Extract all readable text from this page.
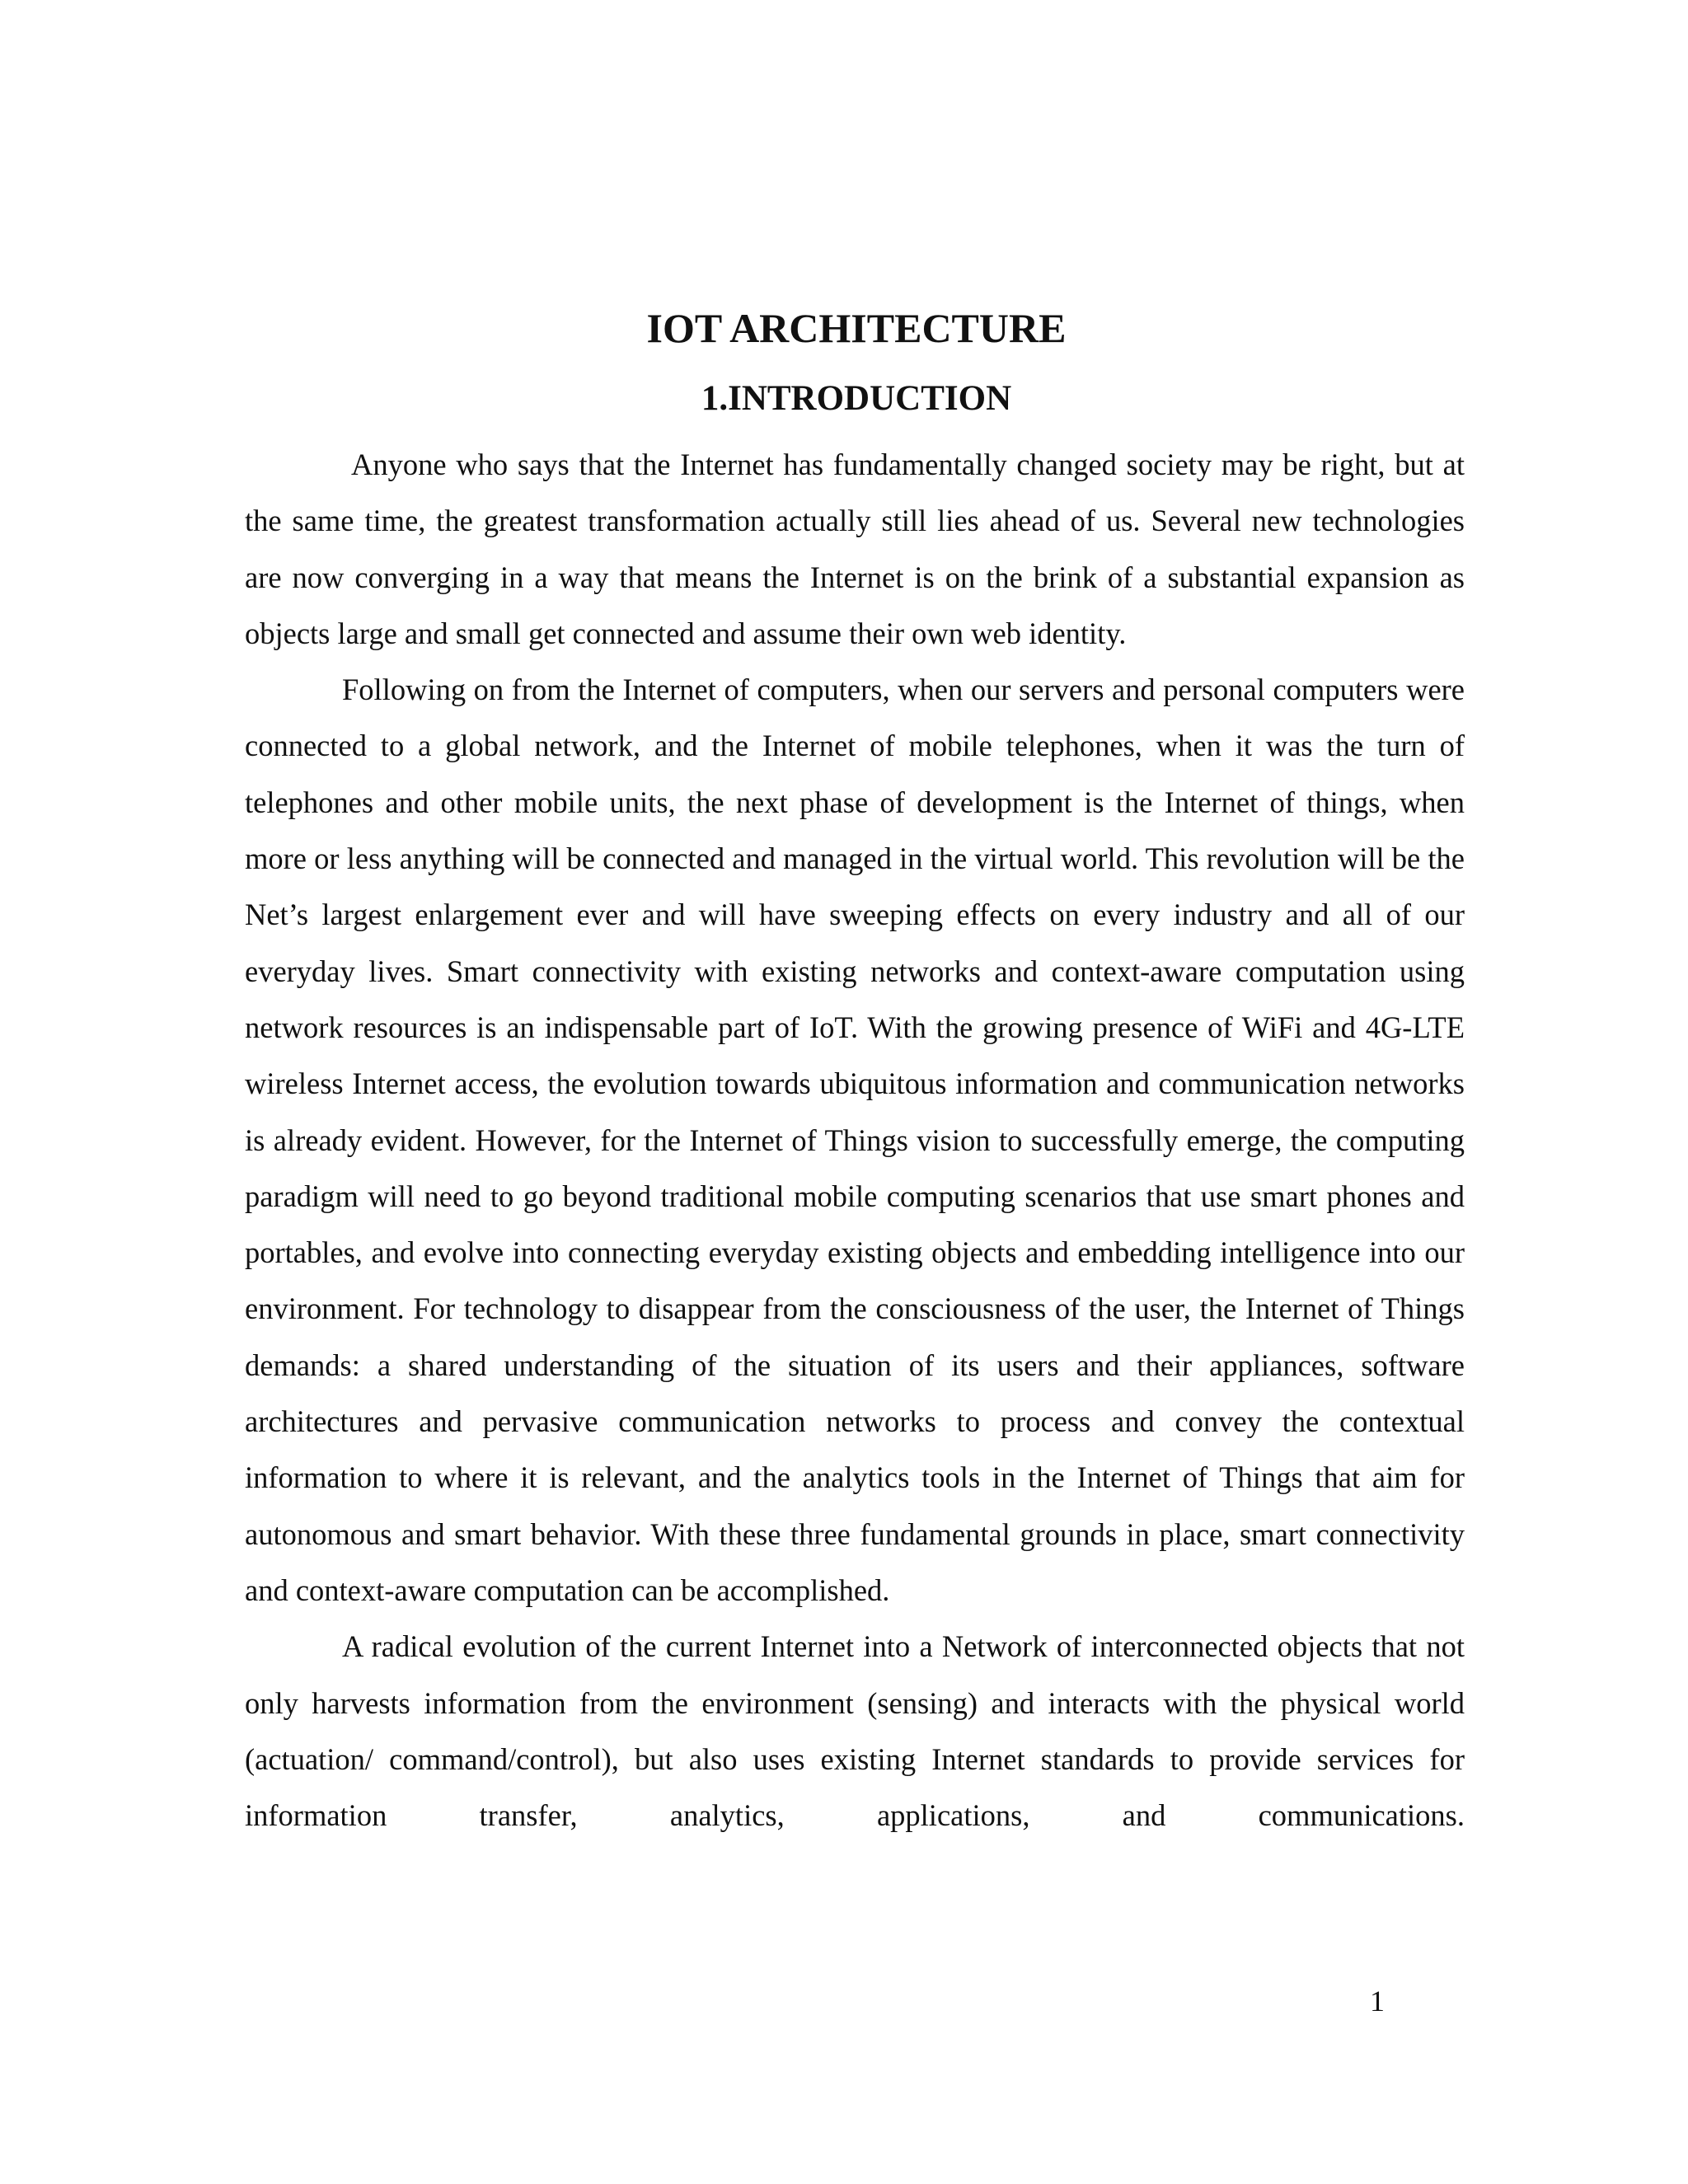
IOT ARCHITECTURE
1.INTRODUCTION

Anyone who says that the Internet has fundamentally changed society may be right, but at the same time, the greatest transformation actually still lies ahead of us. Several new technologies are now converging in a way that means the Internet is on the brink of a substantial expansion as objects large and small get connected and assume their own web identity.

Following on from the Internet of computers, when our servers and personal computers were connected to a global network, and the Internet of mobile telephones, when it was the turn of telephones and other mobile units, the next phase of development is the Internet of things, when more or less anything will be connected and managed in the virtual world. This revolution will be the Net’s largest enlargement ever and will have sweeping effects on every industry and all of our everyday lives. Smart connectivity with existing networks and context-aware computation using network resources is an indispensable part of IoT. With the growing presence of WiFi and 4G-LTE wireless Internet access, the evolution towards ubiquitous information and communication networks is already evident. However, for the Internet of Things vision to successfully emerge, the computing paradigm will need to go beyond traditional mobile computing scenarios that use smart phones and portables, and evolve into connecting everyday existing objects and embedding intelligence into our environment. For technology to disappear from the consciousness of the user, the Internet of Things demands: a shared understanding of the situation of its users and their appliances, software architectures and pervasive communication networks to process and convey the contextual information to where it is relevant, and the analytics tools in the Internet of Things that aim for autonomous and smart behavior. With these three fundamental grounds in place, smart connectivity and context-aware computation can be accomplished.

A radical evolution of the current Internet into a Network of interconnected objects that not only harvests information from the environment (sensing) and interacts with the physical world (actuation/ command/control), but also uses existing Internet standards to provide services for information transfer, analytics, applications, and communications.

1
